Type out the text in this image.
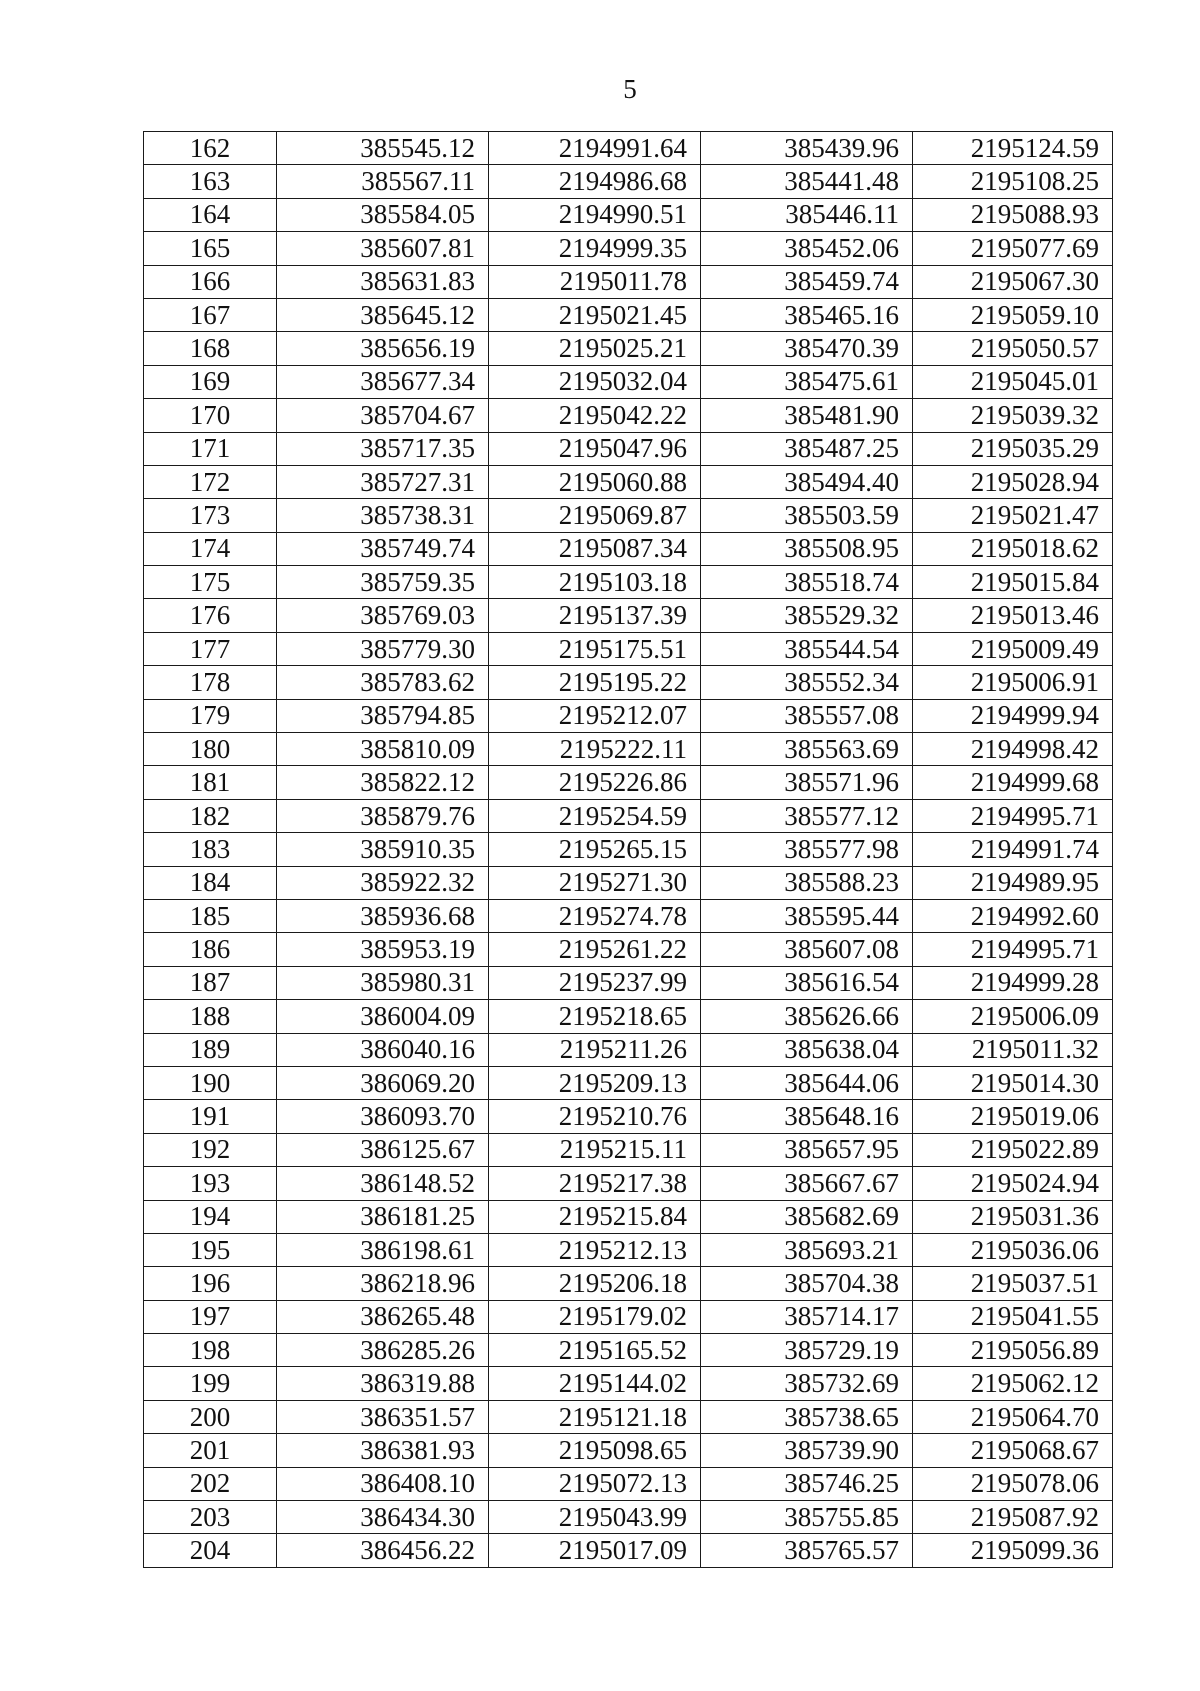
5
162	385545.12	2194991.64	385439.96	2195124.59
163	385567.11	2194986.68	385441.48	2195108.25
164	385584.05	2194990.51	385446.11	2195088.93
165	385607.81	2194999.35	385452.06	2195077.69
166	385631.83	2195011.78	385459.74	2195067.30
167	385645.12	2195021.45	385465.16	2195059.10
168	385656.19	2195025.21	385470.39	2195050.57
169	385677.34	2195032.04	385475.61	2195045.01
170	385704.67	2195042.22	385481.90	2195039.32
171	385717.35	2195047.96	385487.25	2195035.29
172	385727.31	2195060.88	385494.40	2195028.94
173	385738.31	2195069.87	385503.59	2195021.47
174	385749.74	2195087.34	385508.95	2195018.62
175	385759.35	2195103.18	385518.74	2195015.84
176	385769.03	2195137.39	385529.32	2195013.46
177	385779.30	2195175.51	385544.54	2195009.49
178	385783.62	2195195.22	385552.34	2195006.91
179	385794.85	2195212.07	385557.08	2194999.94
180	385810.09	2195222.11	385563.69	2194998.42
181	385822.12	2195226.86	385571.96	2194999.68
182	385879.76	2195254.59	385577.12	2194995.71
183	385910.35	2195265.15	385577.98	2194991.74
184	385922.32	2195271.30	385588.23	2194989.95
185	385936.68	2195274.78	385595.44	2194992.60
186	385953.19	2195261.22	385607.08	2194995.71
187	385980.31	2195237.99	385616.54	2194999.28
188	386004.09	2195218.65	385626.66	2195006.09
189	386040.16	2195211.26	385638.04	2195011.32
190	386069.20	2195209.13	385644.06	2195014.30
191	386093.70	2195210.76	385648.16	2195019.06
192	386125.67	2195215.11	385657.95	2195022.89
193	386148.52	2195217.38	385667.67	2195024.94
194	386181.25	2195215.84	385682.69	2195031.36
195	386198.61	2195212.13	385693.21	2195036.06
196	386218.96	2195206.18	385704.38	2195037.51
197	386265.48	2195179.02	385714.17	2195041.55
198	386285.26	2195165.52	385729.19	2195056.89
199	386319.88	2195144.02	385732.69	2195062.12
200	386351.57	2195121.18	385738.65	2195064.70
201	386381.93	2195098.65	385739.90	2195068.67
202	386408.10	2195072.13	385746.25	2195078.06
203	386434.30	2195043.99	385755.85	2195087.92
204	386456.22	2195017.09	385765.57	2195099.36
